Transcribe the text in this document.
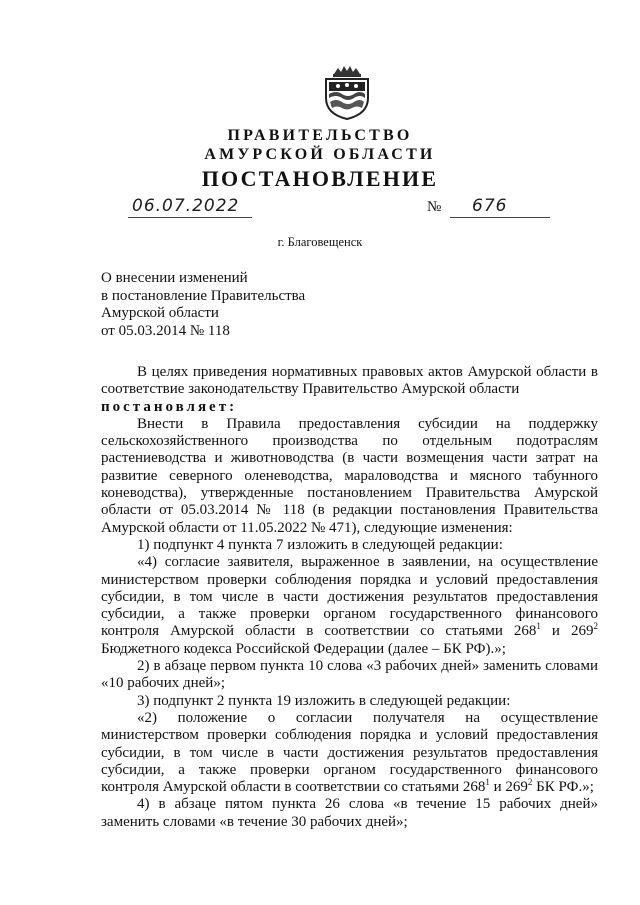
ПРАВИТЕЛЬСТВО
АМУРСКОЙ ОБЛАСТИ
ПОСТАНОВЛЕНИЕ
06.07.2022	№ 676
г. Благовещенск
О внесении изменений
в постановление Правительства
Амурской области
от 05.03.2014 № 118

В целях приведения нормативных правовых актов Амурской области в соответствие законодательству Правительство Амурской области

постановляет:

Внести в Правила предоставления субсидии на поддержку сельскохозяйственного производства по отдельным подотраслям растениеводства и животноводства (в части возмещения части затрат на развитие северного оленеводства, мараловодства и мясного табунного коневодства), утвержденные постановлением Правительства Амурской области от 05.03.2014 № 118 (в редакции постановления Правительства Амурской области от 11.05.2022 № 471), следующие изменения:

1) подпункт 4 пункта 7 изложить в следующей редакции:

«4) согласие заявителя, выраженное в заявлении, на осуществление министерством проверки соблюдения порядка и условий предоставления субсидии, в том числе в части достижения результатов предоставления субсидии, а также проверки органом государственного финансового контроля Амурской области в соответствии со статьями $268^1$ и $269^2$ Бюджетного кодекса Российской Федерации (далее – БК РФ).»;

2) в абзаце первом пункта 10 слова «3 рабочих дней» заменить словами «10 рабочих дней»;

3) подпункт 2 пункта 19 изложить в следующей редакции:

«2) положение о согласии получателя на осуществление министерством проверки соблюдения порядка и условий предоставления субсидии, в том числе в части достижения результатов предоставления субсидии, а также проверки органом государственного финансового контроля Амурской области в соответствии со статьями $268^1$ и $269^2$ БК РФ.»;

4) в абзаце пятом пункта 26 слова «в течение 15 рабочих дней» заменить словами «в течение 30 рабочих дней»;
